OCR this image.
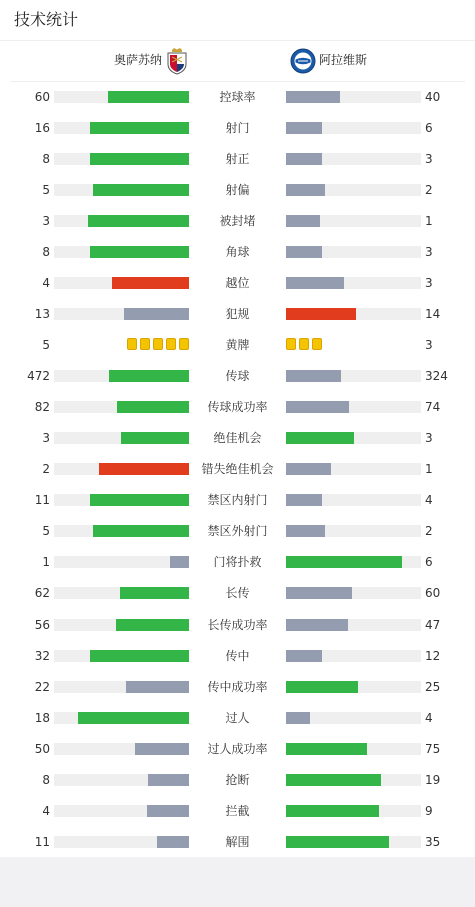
技术统计
奥萨苏纳	阿拉维斯
60	控球率	40
16	射门	6
8	射正	3
5	射偏	2
3	被封堵	1
8	角球	3
4	越位	3
13	犯规	14
5	黄牌	3
472	传球	324
82	传球成功率	74
3	绝佳机会	3
2	错失绝佳机会	1
11	禁区内射门	4
5	禁区外射门	2
1	门将扑救	6
62	长传	60
56	长传成功率	47
32	传中	12
22	传中成功率	25
18	过人	4
50	过人成功率	75
8	抢断	19
4	拦截	9
11	解围	35
